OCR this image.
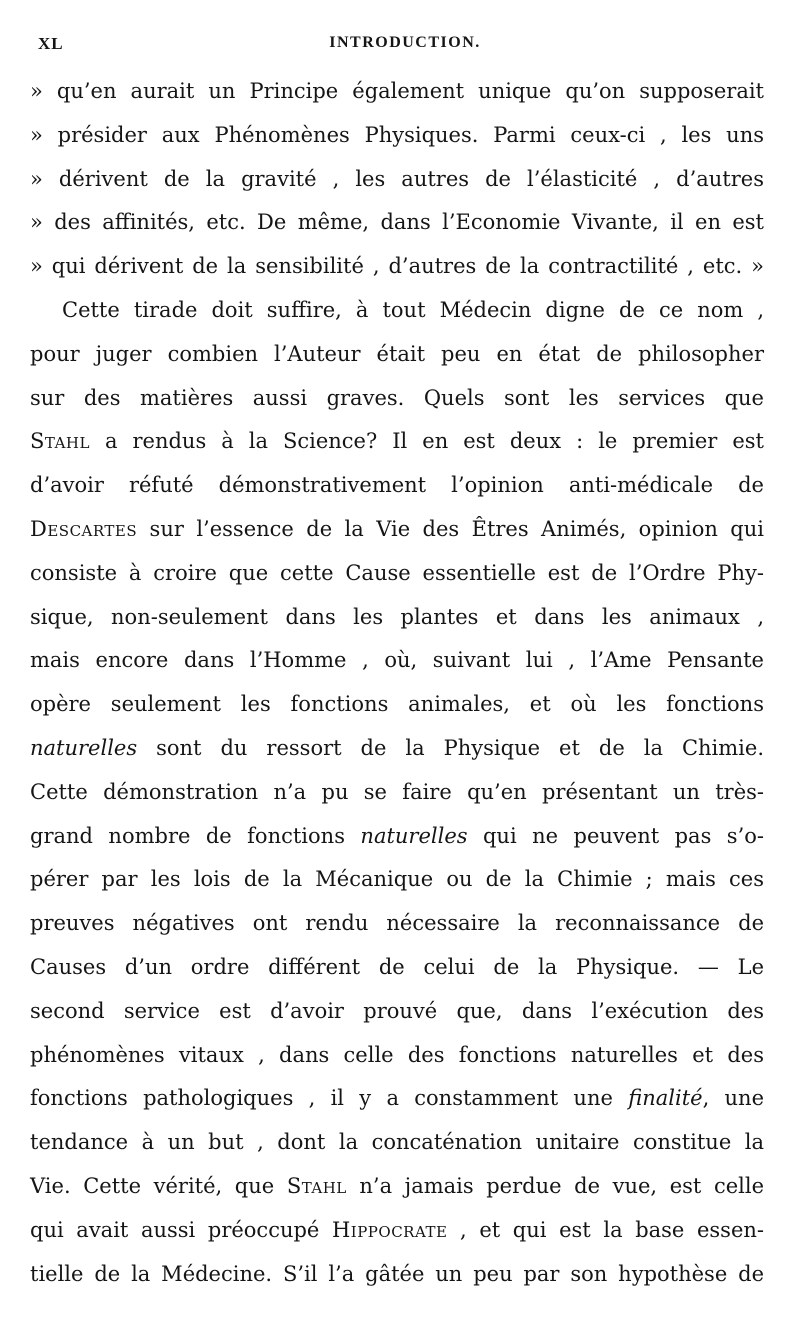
XL	INTRODUCTION.
» qu’en aurait un Principe également unique qu’on supposerait
» présider aux Phénomènes Physiques. Parmi ceux-ci , les uns
» dérivent de la gravité , les autres de l’élasticité , d’autres
» des affinités, etc. De même, dans l’Economie Vivante, il en est
» qui dérivent de la sensibilité , d’autres de la contractilité , etc. »
Cette tirade doit suffire, à tout Médecin digne de ce nom ,
pour juger combien l’Auteur était peu en état de philosopher
sur des matières aussi graves. Quels sont les services que
Stahl a rendus à la Science? Il en est deux : le premier est
d’avoir réfuté démonstrativement l’opinion anti-médicale de
Descartes sur l’essence de la Vie des Êtres Animés, opinion qui
consiste à croire que cette Cause essentielle est de l’Ordre Phy-
sique, non-seulement dans les plantes et dans les animaux ,
mais encore dans l’Homme , où, suivant lui , l’Ame Pensante
opère seulement les fonctions animales, et où les fonctions
naturelles sont du ressort de la Physique et de la Chimie.
Cette démonstration n’a pu se faire qu’en présentant un très-
grand nombre de fonctions naturelles qui ne peuvent pas s’o-
pérer par les lois de la Mécanique ou de la Chimie ; mais ces
preuves négatives ont rendu nécessaire la reconnaissance de
Causes d’un ordre différent de celui de la Physique. — Le
second service est d’avoir prouvé que, dans l’exécution des
phénomènes vitaux , dans celle des fonctions naturelles et des
fonctions pathologiques , il y a constamment une finalité, une
tendance à un but , dont la concaténation unitaire constitue la
Vie. Cette vérité, que Stahl n’a jamais perdue de vue, est celle
qui avait aussi préoccupé Hippocrate , et qui est la base essen-
tielle de la Médecine. S’il l’a gâtée un peu par son hypothèse de
